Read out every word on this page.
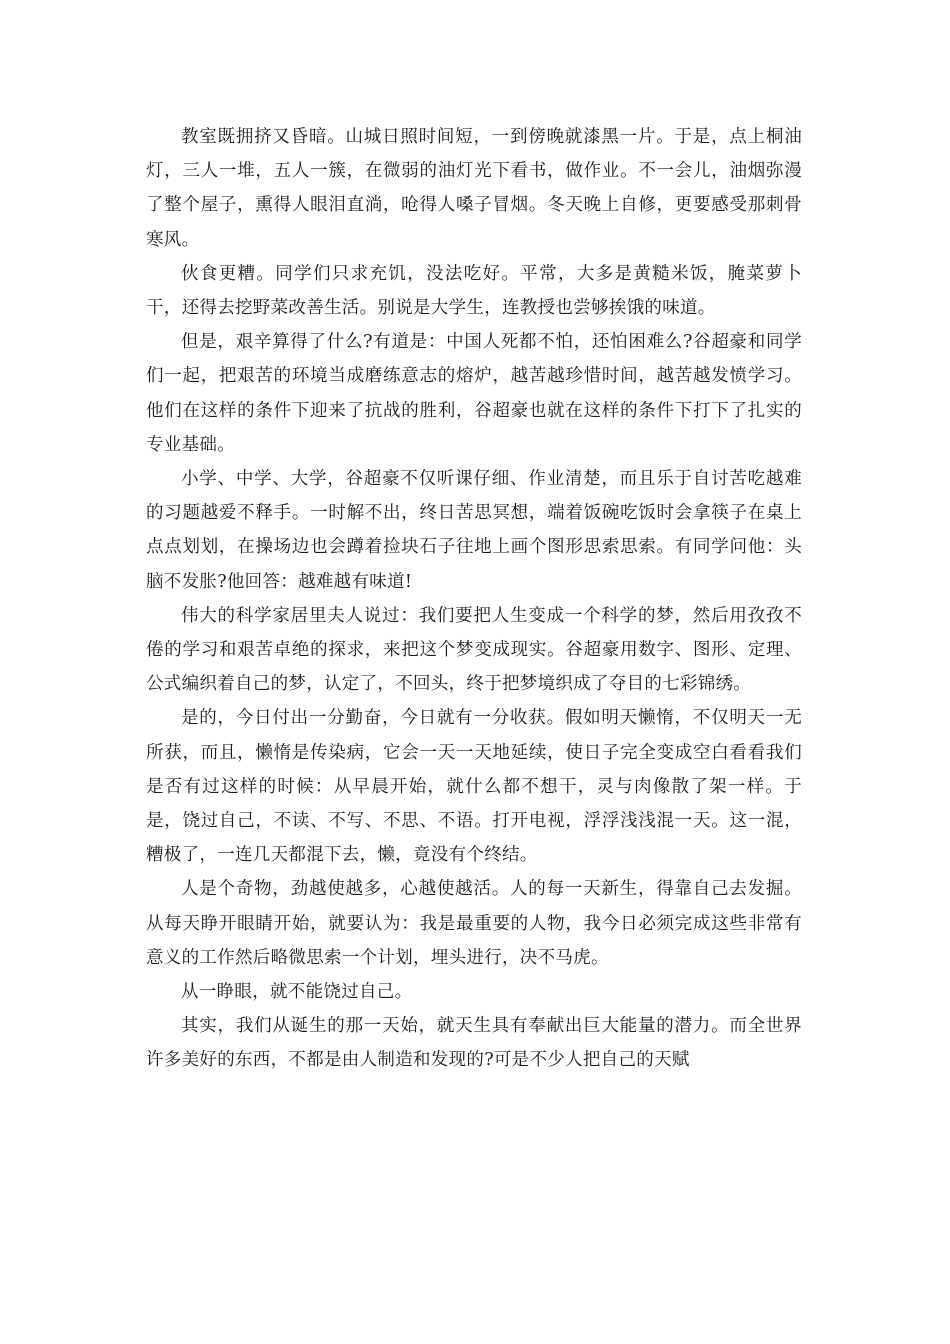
教室既拥挤又昏暗。山城日照时间短，一到傍晚就漆黑一片。于是，点上桐油灯，三人一堆，五人一簇，在微弱的油灯光下看书，做作业。不一会儿，油烟弥漫了整个屋子，熏得人眼泪直淌，呛得人嗓子冒烟。冬天晚上自修，更要感受那刺骨寒风。

伙食更糟。同学们只求充饥，没法吃好。平常，大多是黄糙米饭，腌菜萝卜干，还得去挖野菜改善生活。别说是大学生，连教授也尝够挨饿的味道。

但是，艰辛算得了什么?有道是：中国人死都不怕，还怕困难么?谷超豪和同学们一起，把艰苦的环境当成磨练意志的熔炉，越苦越珍惜时间，越苦越发愤学习。他们在这样的条件下迎来了抗战的胜利，谷超豪也就在这样的条件下打下了扎实的专业基础。

小学、中学、大学，谷超豪不仅听课仔细、作业清楚，而且乐于自讨苦吃越难的习题越爱不释手。一时解不出，终日苦思冥想，端着饭碗吃饭时会拿筷子在桌上点点划划，在操场边也会蹲着捡块石子往地上画个图形思索思索。有同学问他：头脑不发胀?他回答：越难越有味道!

伟大的科学家居里夫人说过：我们要把人生变成一个科学的梦，然后用孜孜不倦的学习和艰苦卓绝的探求，来把这个梦变成现实。谷超豪用数字、图形、定理、公式编织着自己的梦，认定了，不回头，终于把梦境织成了夺目的七彩锦绣。

是的，今日付出一分勤奋，今日就有一分收获。假如明天懒惰，不仅明天一无所获，而且，懒惰是传染病，它会一天一天地延续，使日子完全变成空白看看我们是否有过这样的时候：从早晨开始，就什么都不想干，灵与肉像散了架一样。于是，饶过自己，不读、不写、不思、不语。打开电视，浮浮浅浅混一天。这一混，糟极了，一连几天都混下去，懒，竟没有个终结。

人是个奇物，劲越使越多，心越使越活。人的每一天新生，得靠自己去发掘。从每天睁开眼睛开始，就要认为：我是最重要的人物，我今日必须完成这些非常有意义的工作然后略微思索一个计划，埋头进行，决不马虎。

从一睁眼，就不能饶过自己。

其实，我们从诞生的那一天始，就天生具有奉献出巨大能量的潜力。而全世界许多美好的东西，不都是由人制造和发现的?可是不少人把自己的天赋
